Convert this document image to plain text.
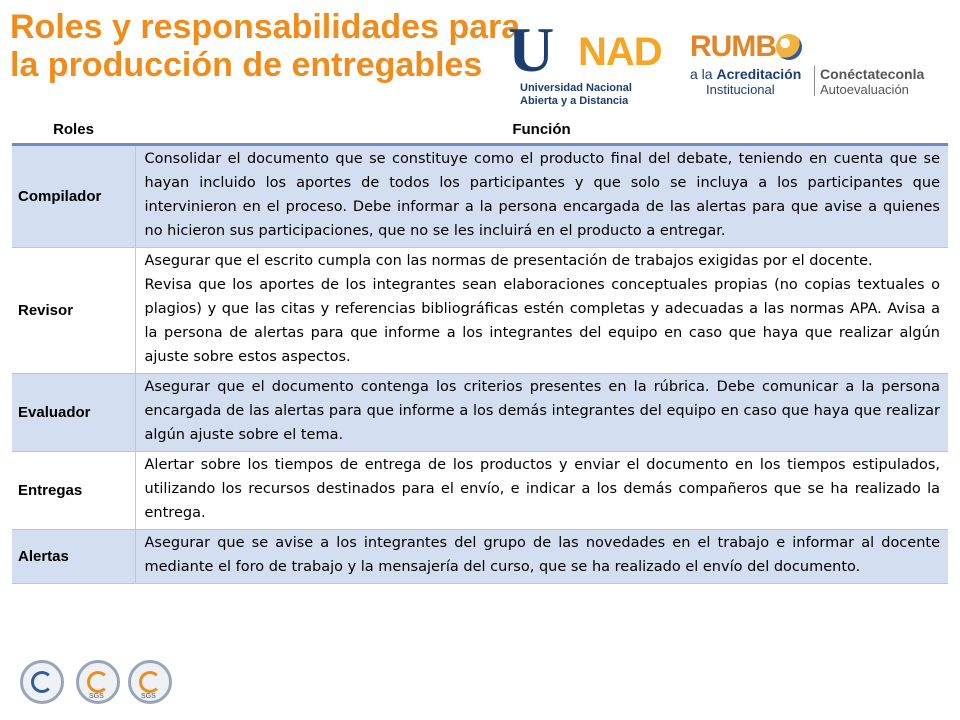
Roles y responsabilidades para
la producción de entregables U NAD
Universidad Nacional
Abierta y a Distancia
RUMB
a la Acreditación
Institucional
Conéctateconla
Autoevaluación
Roles	Función
Compilador	Consolidar el documento que se constituye como el producto final del debate, teniendo en cuenta que se hayan incluido los aportes de todos los participantes y que solo se incluya a los participantes que intervinieron en el proceso. Debe informar a la persona encargada de las alertas para que avise a quienes no hicieron sus participaciones, que no se les incluirá en el producto a entregar.

Revisor	Asegurar que el escrito cumpla con las normas de presentación de trabajos exigidas por el docente.

Revisa que los aportes de los integrantes sean elaboraciones conceptuales propias (no copias textuales o plagios) y que las citas y referencias bibliográficas estén completas y adecuadas a las normas APA. Avisa a la persona de alertas para que informe a los integrantes del equipo en caso que haya que realizar algún ajuste sobre estos aspectos.

Evaluador	Asegurar que el documento contenga los criterios presentes en la rúbrica. Debe comunicar a la persona encargada de las alertas para que informe a los demás integrantes del equipo en caso que haya que realizar algún ajuste sobre el tema.

Entregas	Alertar sobre los tiempos de entrega de los productos y enviar el documento en los tiempos estipulados, utilizando los recursos destinados para el envío, e indicar a los demás compañeros que se ha realizado la entrega.

Alertas	Asegurar que se avise a los integrantes del grupo de las novedades en el trabajo e informar al docente mediante el foro de trabajo y la mensajería del curso, que se ha realizado el envío del documento.

SGS	SGS
